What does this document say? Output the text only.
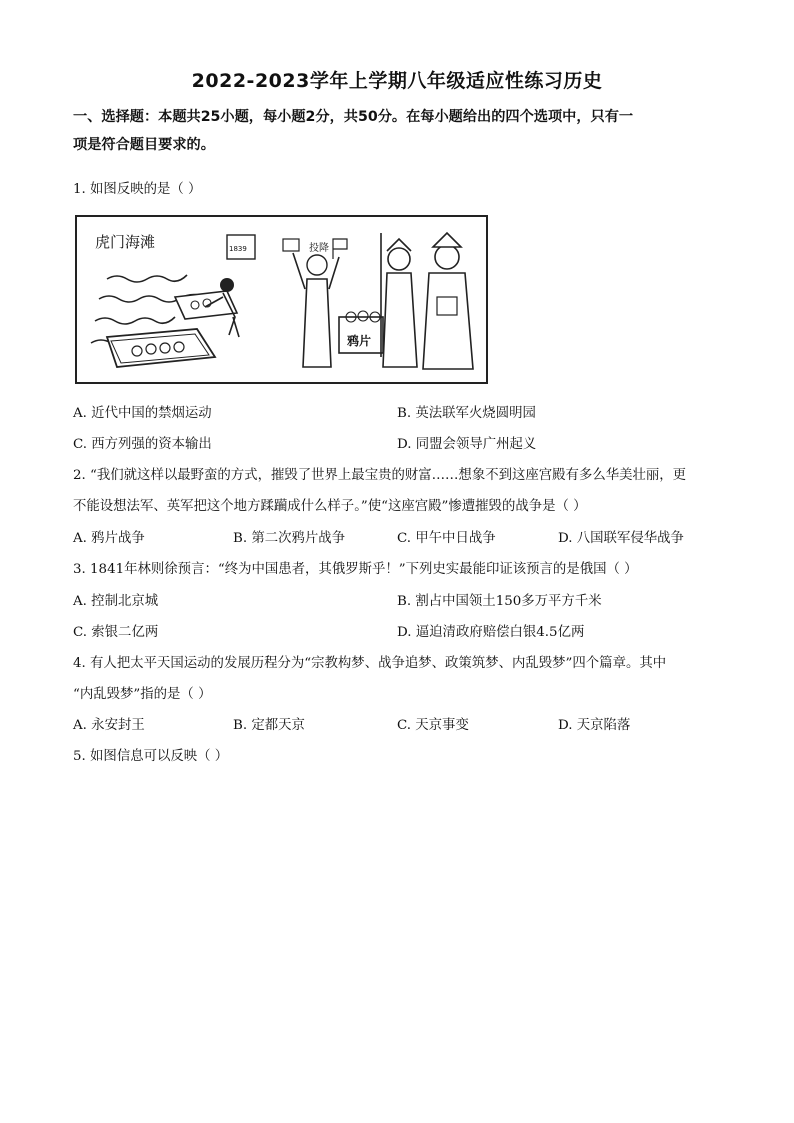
2022-2023学年上学期八年级适应性练习历史
一、选择题：本题共25小题，每小题2分，共50分。在每小题给出的四个选项中，只有一
项是符合题目要求的。
1. 如图反映的是（ ）
虎门海滩	1839	投降
鸦片
A. 近代中国的禁烟运动	B. 英法联军火烧圆明园
C. 西方列强的资本输出	D. 同盟会领导广州起义
2. “我们就这样以最野蛮的方式，摧毁了世界上最宝贵的财富……想象不到这座宫殿有多么华美壮丽，更
不能设想法军、英军把这个地方蹂躏成什么样子。”使“这座宫殿”惨遭摧毁的战争是（ ）
A. 鸦片战争	B. 第二次鸦片战争	C. 甲午中日战争	D. 八国联军侵华战争
3. 1841年林则徐预言：“终为中国患者，其俄罗斯乎！”下列史实最能印证该预言的是俄国（ ）
A. 控制北京城	B. 割占中国领土150多万平方千米
C. 索银二亿两	D. 逼迫清政府赔偿白银4.5亿两
4. 有人把太平天国运动的发展历程分为“宗教构梦、战争追梦、政策筑梦、内乱毁梦”四个篇章。其中
“内乱毁梦”指的是（ ）
A. 永安封王	B. 定都天京	C. 天京事变	D. 天京陷落
5. 如图信息可以反映（ ）
